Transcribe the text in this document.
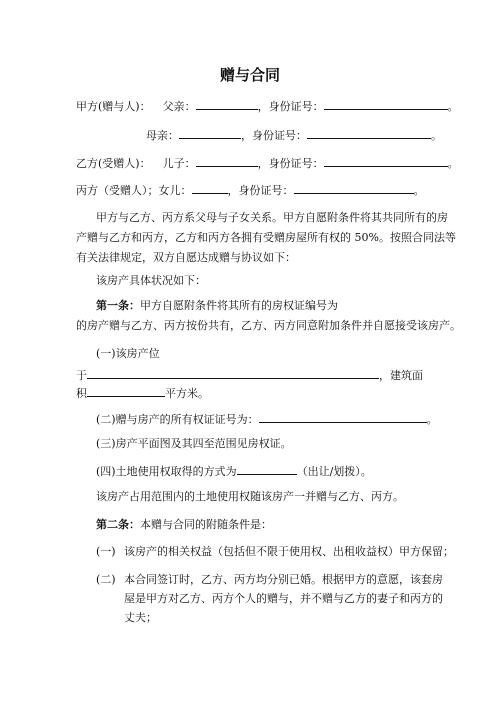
赠与合同
甲方(赠与人)： 父亲：	，身份证号：	。
母亲：	，身份证号：	。
乙方(受赠人)： 儿子：	，身份证号：	。
丙方（受赠人）；女儿：	，身份证号：	。
甲方与乙方、丙方系父母与子女关系。甲方自愿附条件将其共同所有的房
产赠与乙方和丙方，乙方和丙方各拥有受赠房屋所有权的 50%。按照合同法等
有关法律规定，双方自愿达成赠与协议如下：
该房产具体状况如下：
第一条：甲方自愿附条件将其所有的房权证编号为
的房产赠与乙方、丙方按份共有，乙方、丙方同意附加条件并自愿接受该房产。
(一)该房产位
于	，建筑面
积	平方米。
(二)赠与房产的所有权证证号为：	。
(三)房产平面图及其四至范围见房权证。
(四)土地使用权取得的方式为	（出让/划拨）。
该房产占用范围内的土地使用权随该房产一并赠与乙方、丙方。
第二条：本赠与合同的附随条件是：
(一) 该房产的相关权益（包括但不限于使用权、出租收益权）甲方保留；
(二) 本合同签订时，乙方、丙方均分别已婚。根据甲方的意愿，该套房
屋是甲方对乙方、丙方个人的赠与，并不赠与乙方的妻子和丙方的
丈夫；
